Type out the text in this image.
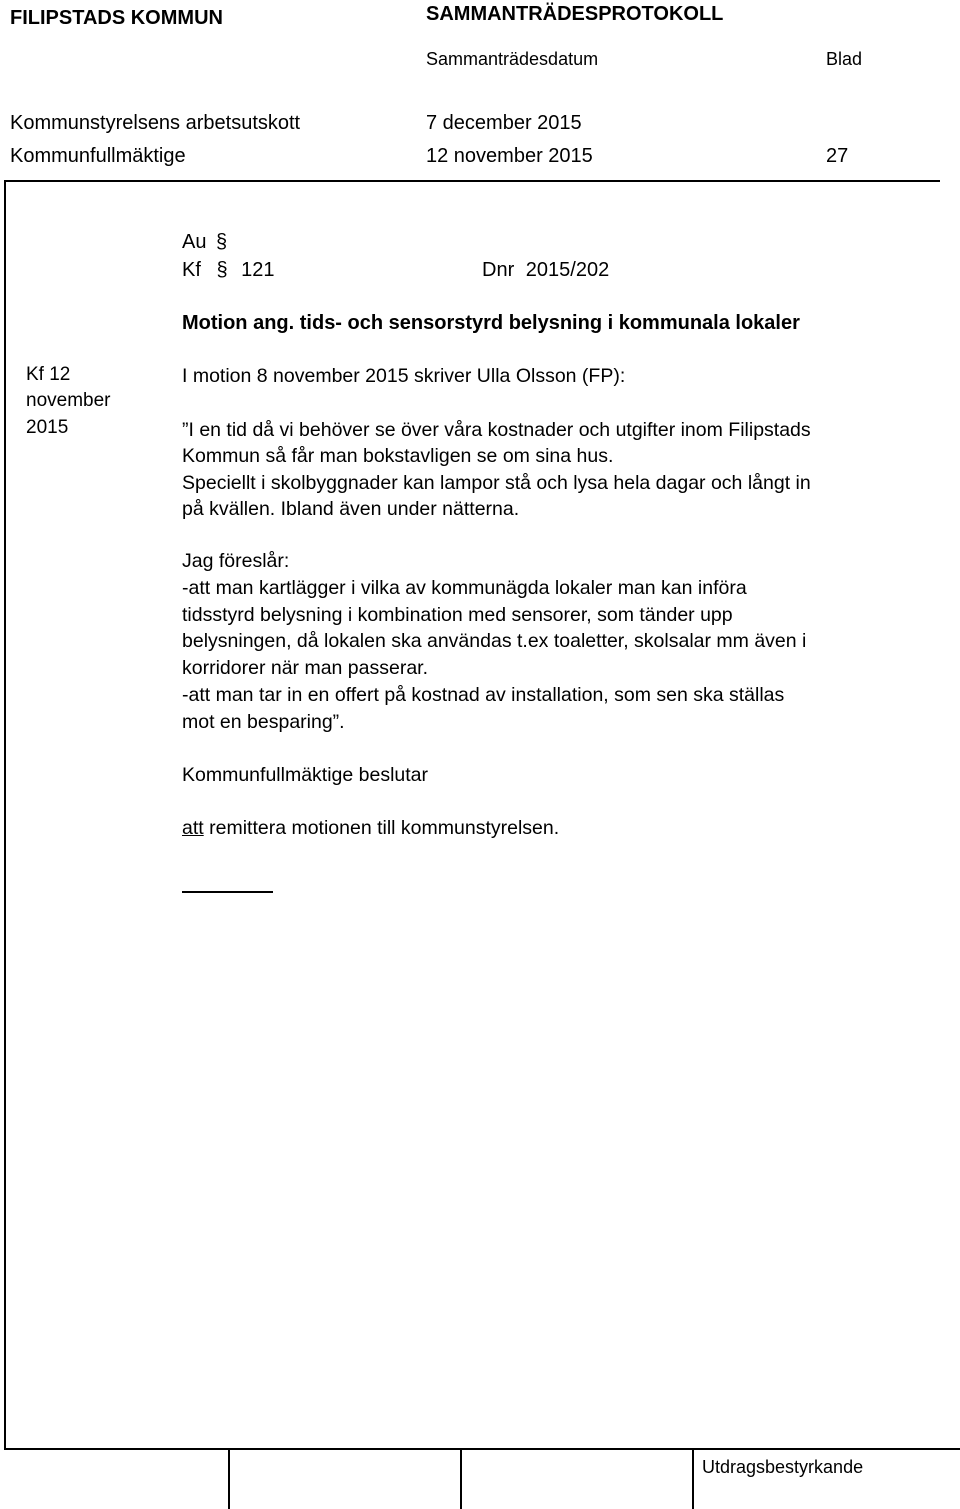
FILIPSTADS KOMMUN	SAMMANTRÄDESPROTOKOLL
Sammanträdesdatum	Blad
Kommunstyrelsens arbetsutskott	7 december 2015
Kommunfullmäktige	12 november 2015	27
Utdragsbestyrkande
Au §
Kf § 121	Dnr 2015/202
Motion ang. tids- och sensorstyrd belysning i kommunala lokaler
Kf 12
november
2015
I motion 8 november 2015 skriver Ulla Olsson (FP):
”I en tid då vi behöver se över våra kostnader och utgifter inom Filipstads
Kommun så får man bokstavligen se om sina hus.
Speciellt i skolbyggnader kan lampor stå och lysa hela dagar och långt in
på kvällen. Ibland även under nätterna.
Jag föreslår:
-att man kartlägger i vilka av kommunägda lokaler man kan införa
tidsstyrd belysning i kombination med sensorer, som tänder upp
belysningen, då lokalen ska användas t.ex toaletter, skolsalar mm även i
korridorer när man passerar.
-att man tar in en offert på kostnad av installation, som sen ska ställas
mot en besparing”.
Kommunfullmäktige beslutar
att remittera motionen till kommunstyrelsen.
